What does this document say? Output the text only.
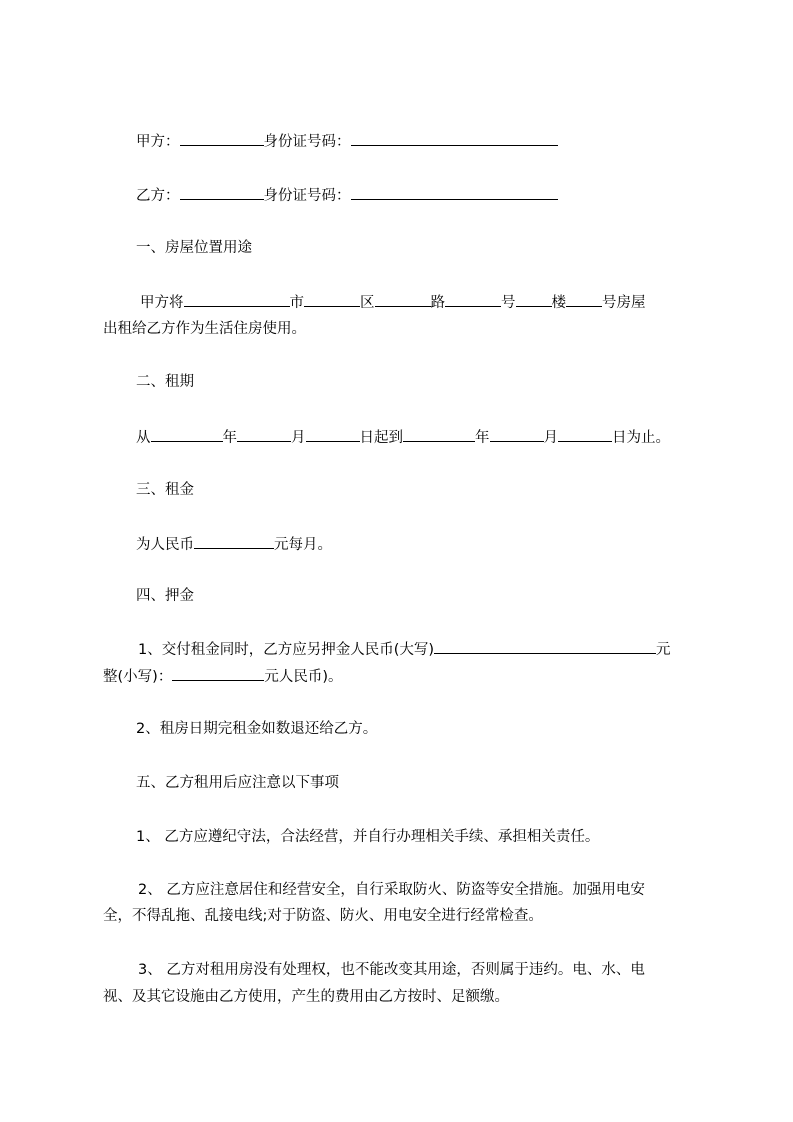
甲方：	身份证号码：
乙方：	身份证号码：
一、房屋位置用途
甲方将	市	区	路	号 楼 号房屋
出租给乙方作为生活住房使用。
二、租期
从	年	月	日起到	年	月	日为止。
三、租金
为人民币	元每月。
四、押金
1、交付租金同时，乙方应另押金人民币(大写)	元
整(小写)：	元人民币)。
2、租房日期完租金如数退还给乙方。
五、乙方租用后应注意以下事项
1、 乙方应遵纪守法，合法经营，并自行办理相关手续、承担相关责任。
2、 乙方应注意居住和经营安全，自行采取防火、防盗等安全措施。加强用电安
全，不得乱拖、乱接电线;对于防盗、防火、用电安全进行经常检查。
3、 乙方对租用房没有处理权，也不能改变其用途，否则属于违约。电、水、电
视、及其它设施由乙方使用，产生的费用由乙方按时、足额缴。
